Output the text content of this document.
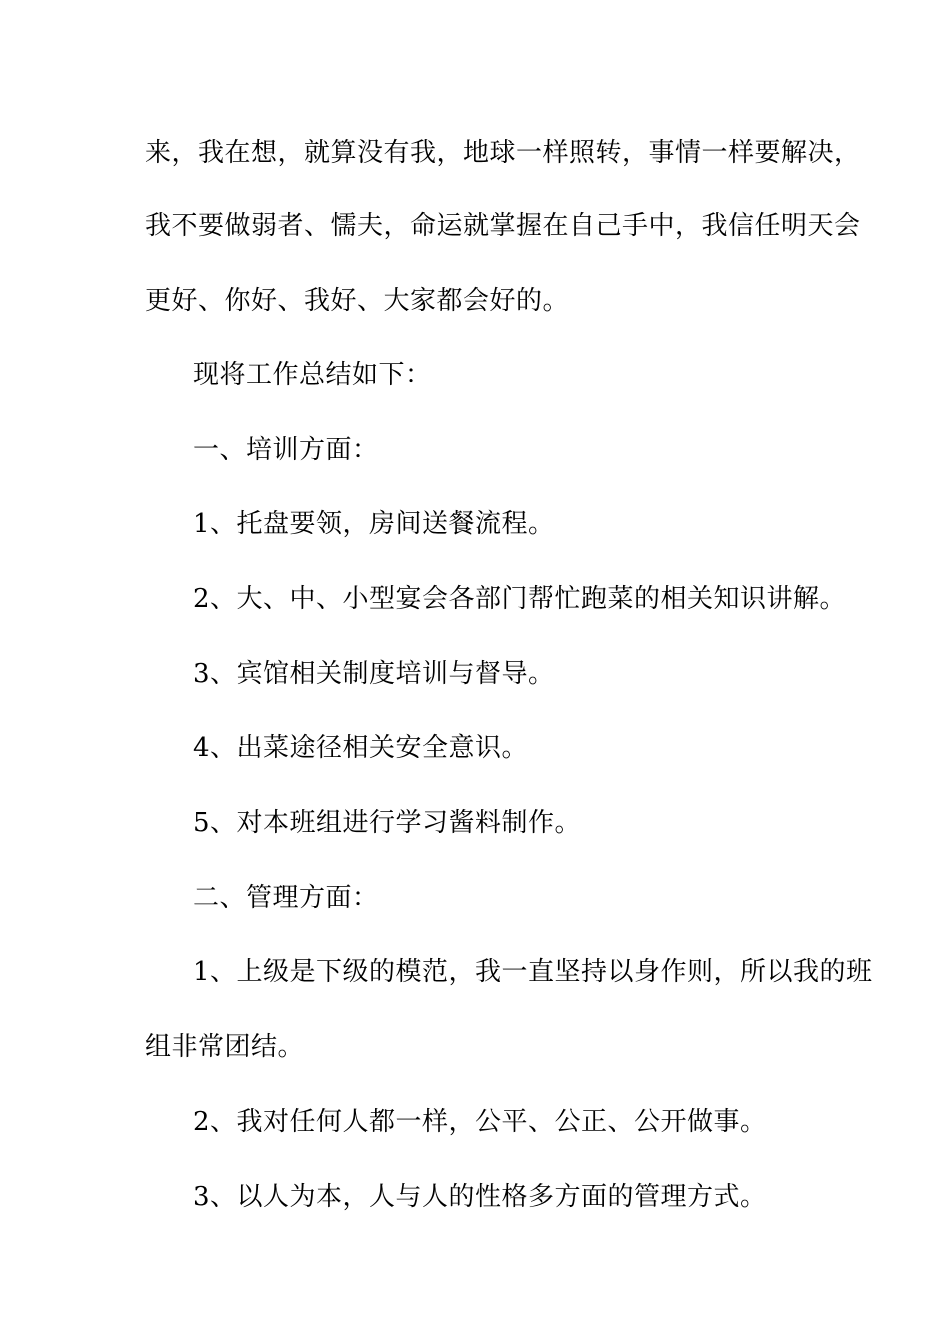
来，我在想，就算没有我，地球一样照转，事情一样要解决，
我不要做弱者、懦夫，命运就掌握在自己手中，我信任明天会
更好、你好、我好、大家都会好的。
现将工作总结如下：
一、培训方面：
1、托盘要领，房间送餐流程。
2、大、中、小型宴会各部门帮忙跑菜的相关知识讲解。
3、宾馆相关制度培训与督导。
4、出菜途径相关安全意识。
5、对本班组进行学习酱料制作。
二、管理方面：
1、上级是下级的模范，我一直坚持以身作则，所以我的班
组非常团结。
2、我对任何人都一样，公平、公正、公开做事。
3、以人为本，人与人的性格多方面的管理方式。
